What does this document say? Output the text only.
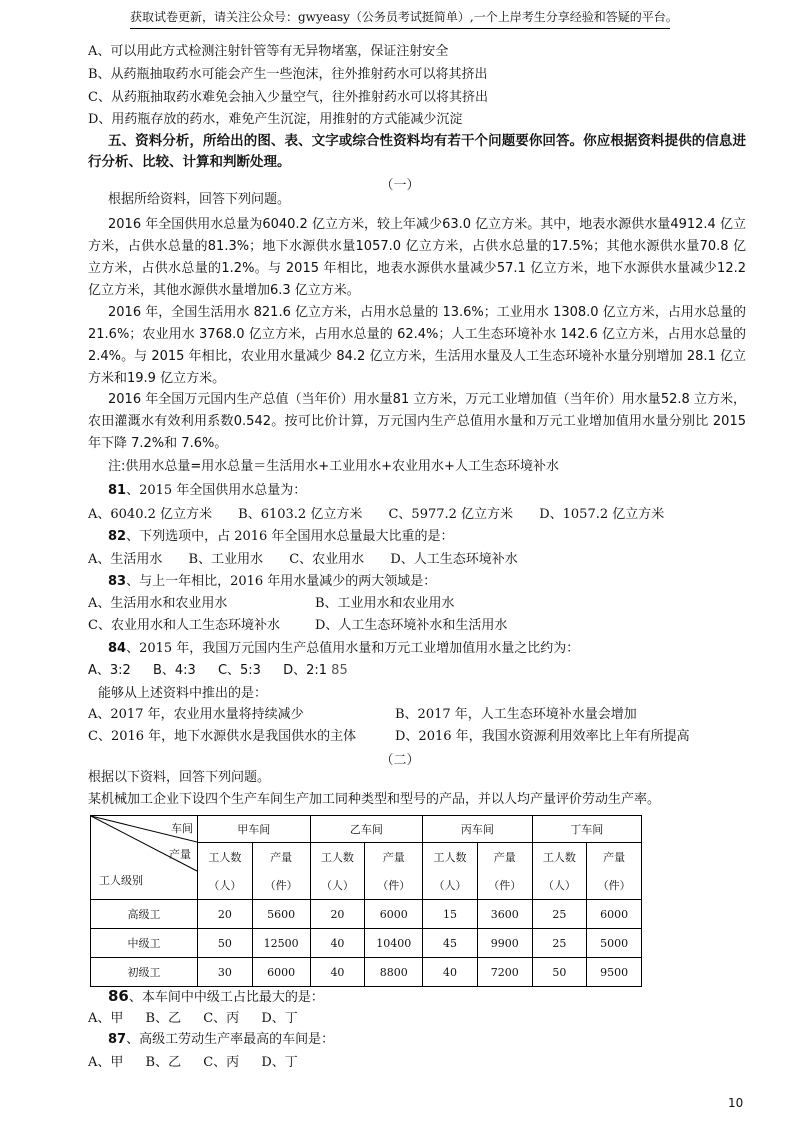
获取试卷更新，请关注公众号：gwyeasy（公务员考试挺简单）,一个上岸考生分享经验和答疑的平台。
A、可以用此方式检测注射针管等有无异物堵塞，保证注射安全
B、从药瓶抽取药水可能会产生一些泡沫，往外推射药水可以将其挤出
C、从药瓶抽取药水难免会抽入少量空气，往外推射药水可以将其挤出
D、用药瓶存放的药水，难免产生沉淀，用推射的方式能减少沉淀
五、资料分析，所给出的图、表、文字或综合性资料均有若干个问题要你回答。你应根据资料提供的信息进行分析、比较、计算和判断处理。
（一）
根据所给资料，回答下列问题。
2016 年全国供用水总量为6040.2 亿立方米，较上年减少63.0 亿立方米。其中，地表水源供水量4912.4 亿立方米，占供水总量的81.3%；地下水源供水量1057.0 亿立方米，占供水总量的17.5%；其他水源供水量70.8 亿立方米，占供水总量的1.2%。与 2015 年相比，地表水源供水量减少57.1 亿立方米，地下水源供水量减少12.2 亿立方米，其他水源供水量增加6.3 亿立方米。
2016 年，全国生活用水 821.6 亿立方米，占用水总量的 13.6%；工业用水 1308.0 亿立方米，占用水总量的 21.6%；农业用水 3768.0 亿立方米，占用水总量的 62.4%；人工生态环境补水 142.6 亿立方米，占用水总量的 2.4%。与 2015 年相比，农业用水量减少 84.2 亿立方米，生活用水量及人工生态环境补水量分别增加 28.1 亿立方米和19.9 亿立方米。
2016 年全国万元国内生产总值（当年价）用水量81 立方米，万元工业增加值（当年价）用水量52.8 立方米，农田灌溉水有效利用系数0.542。按可比价计算，万元国内生产总值用水量和万元工业增加值用水量分别比 2015 年下降 7.2%和 7.6%。
注:供用水总量=用水总量＝生活用水+工业用水+农业用水+人工生态环境补水
81、2015 年全国供用水总量为：
A、6040.2 亿立方米 B、6103.2 亿立方米 C、5977.2 亿立方米 D、1057.2 亿立方米
82、下列选项中，占 2016 年全国用水总量最大比重的是：
A、生活用水 B、工业用水 C、农业用水 D、人工生态环境补水
83、与上一年相比，2016 年用水量减少的两大领域是：
A、生活用水和农业用水	B、工业用水和农业用水
C、农业用水和人工生态环境补水	D、人工生态环境补水和生活用水
84、2015 年，我国万元国内生产总值用水量和万元工业增加值用水量之比约为：
A、3:2 B、4:3 C、5:3 D、2:1 85
能够从上述资料中推出的是：
A、2017 年，农业用水量将持续减少	B、2017 年，人工生态环境补水量会增加
C、2016 年，地下水源供水是我国供水的主体	D、2016 年，我国水资源利用效率比上年有所提高
（二）
根据以下资料，回答下列问题。
某机械加工企业下设四个生产车间生产加工同种类型和型号的产品，并以人均产量评价劳动生产率。
车间
产量
工人级别	甲车间		乙车间		丙车间		丁车间	
	工人数	产量	工人数	产量	工人数	产量	工人数	产量
	（人）	（件）	（人）	（件）	（人）	（件）	（人）	（件）
高级工	20	5600	20	6000	15	3600	25	6000
中级工	50	12500	40	10400	45	9900	25	5000
初级工	30	6000	40	8800	40	7200	50	9500
86、本车间中中级工占比最大的是：
A、甲 B、乙 C、丙 D、丁
87、高级工劳动生产率最高的车间是：
A、甲 B、乙 C、丙 D、丁
10
